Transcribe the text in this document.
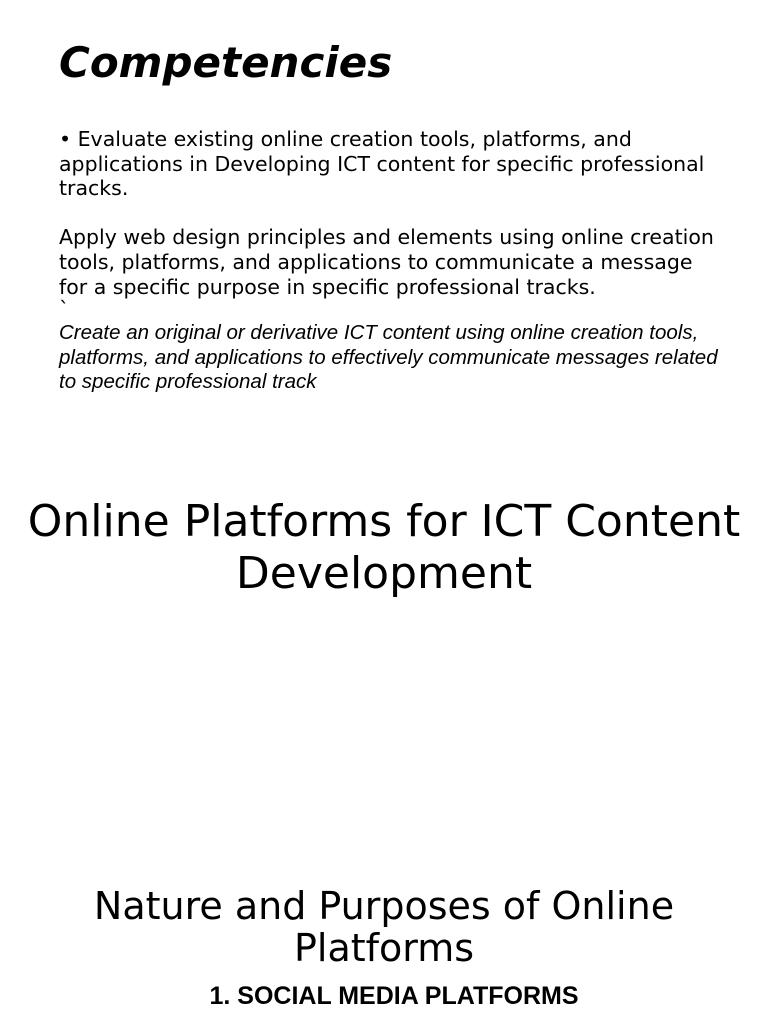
Competencies

• Evaluate existing online creation tools, platforms, and applications in Developing ICT content for specific professional tracks.

Apply web design principles and elements using online creation tools, platforms, and applications to communicate a message for a specific purpose in specific professional tracks.

`

Create an original or derivative ICT content using online creation tools, platforms, and applications to effectively communicate messages related to specific professional track

Online Platforms for ICT Content Development
Nature and Purposes of Online Platforms
1. SOCIAL MEDIA PLATFORMS
